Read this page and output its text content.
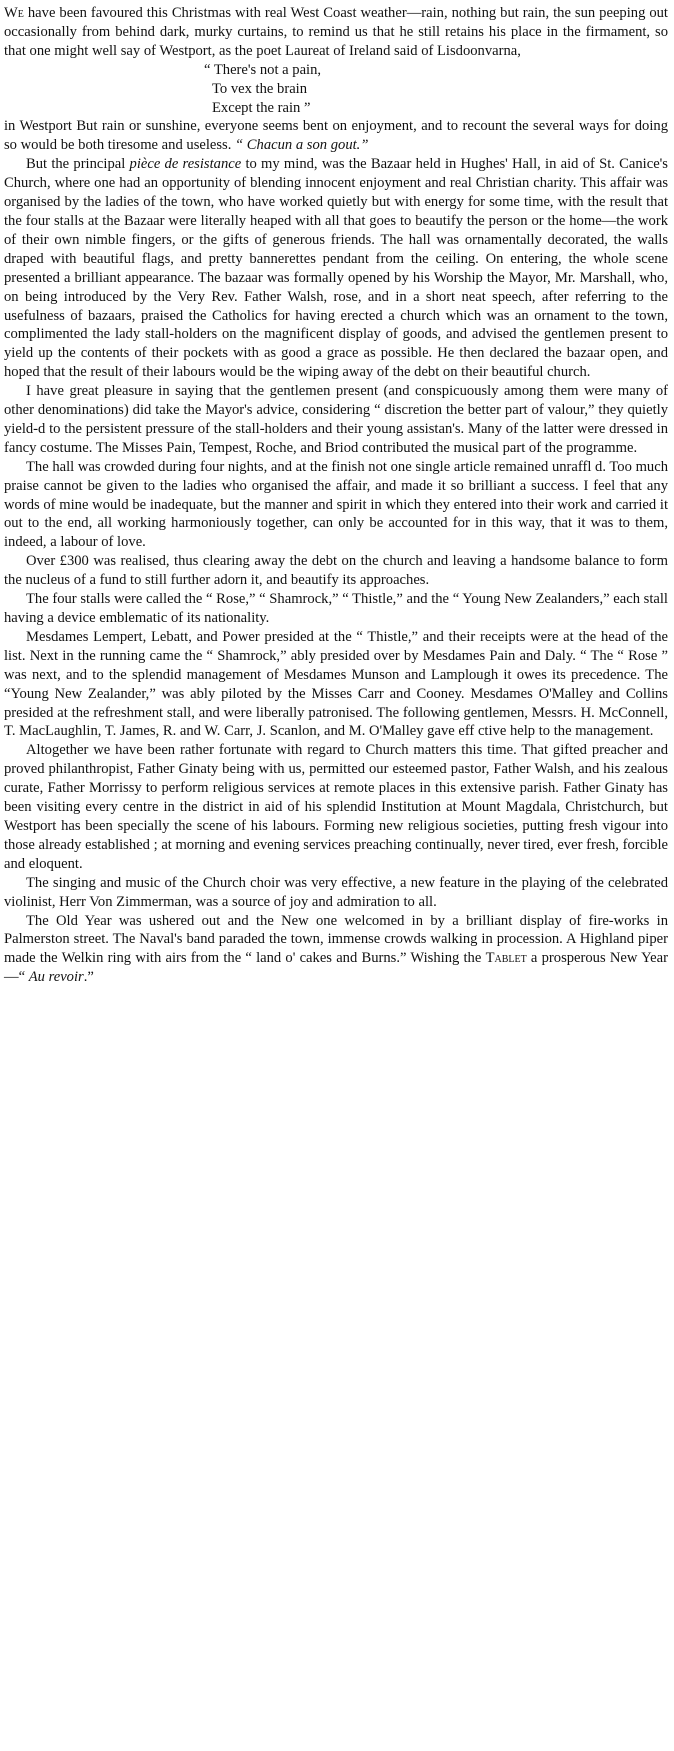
We have been favoured this Christmas with real West Coast weather—rain, nothing but rain, the sun peeping out occasionally from behind dark, murky curtains, to remind us that he still retains his place in the firmament, so that one might well say of Westport, as the poet Laureat of Ireland said of Lisdoonvarna,

“ There's not a pain,
To vex the brain
Except the rain ”

in Westport But rain or sunshine, everyone seems bent on enjoyment, and to recount the several ways for doing so would be both tiresome and useless. “ Chacun a son gout.”

But the principal pièce de resistance to my mind, was the Bazaar held in Hughes' Hall, in aid of St. Canice's Church, where one had an opportunity of blending innocent enjoyment and real Christian charity. This affair was organised by the ladies of the town, who have worked quietly but with energy for some time, with the result that the four stalls at the Bazaar were literally heaped with all that goes to beautify the person or the home—the work of their own nimble fingers, or the gifts of generous friends. The hall was ornamentally decorated, the walls draped with beautiful flags, and pretty bannerettes pendant from the ceiling. On entering, the whole scene presented a brilliant appearance. The bazaar was formally opened by his Worship the Mayor, Mr. Marshall, who, on being introduced by the Very Rev. Father Walsh, rose, and in a short neat speech, after referring to the usefulness of bazaars, praised the Catholics for having erected a church which was an ornament to the town, complimented the lady stall-holders on the magnificent display of goods, and advised the gentlemen present to yield up the contents of their pockets with as good a grace as possible. He then declared the bazaar open, and hoped that the result of their labours would be the wiping away of the debt on their beautiful church.

I have great pleasure in saying that the gentlemen present (and conspicuously among them were many of other denominations) did take the Mayor's advice, considering “ discretion the better part of valour,” they quietly yield-d to the persistent pressure of the stall-holders and their young assistan's. Many of the latter were dressed in fancy costume. The Misses Pain, Tempest, Roche, and Briod contributed the musical part of the programme.

The hall was crowded during four nights, and at the finish not one single article remained unraffl d. Too much praise cannot be given to the ladies who organised the affair, and made it so brilliant a success. I feel that any words of mine would be inadequate, but the manner and spirit in which they entered into their work and carried it out to the end, all working harmoniously together, can only be accounted for in this way, that it was to them, indeed, a labour of love.

Over £300 was realised, thus clearing away the debt on the church and leaving a handsome balance to form the nucleus of a fund to still further adorn it, and beautify its approaches.

The four stalls were called the “ Rose,” “ Shamrock,” “ Thistle,” and the “ Young New Zealanders,” each stall having a device emblematic of its nationality.

Mesdames Lempert, Lebatt, and Power presided at the “ Thistle,” and their receipts were at the head of the list. Next in the running came the “ Shamrock,” ably presided over by Mesdames Pain and Daly. “ The “ Rose ” was next, and to the splendid management of Mesdames Munson and Lamplough it owes its precedence. The “Young New Zealander,” was ably piloted by the Misses Carr and Cooney. Mesdames O'Malley and Collins presided at the refreshment stall, and were liberally patronised. The following gentlemen, Messrs. H. McConnell, T. MacLaughlin, T. James, R. and W. Carr, J. Scanlon, and M. O'Malley gave eff ctive help to the management.

Altogether we have been rather fortunate with regard to Church matters this time. That gifted preacher and proved philanthropist, Father Ginaty being with us, permitted our esteemed pastor, Father Walsh, and his zealous curate, Father Morrissy to perform religious services at remote places in this extensive parish. Father Ginaty has been visiting every centre in the district in aid of his splendid Institution at Mount Magdala, Christchurch, but Westport has been specially the scene of his labours. Forming new religious societies, putting fresh vigour into those already established ; at morning and evening services preaching continually, never tired, ever fresh, forcible and eloquent.

The singing and music of the Church choir was very effective, a new feature in the playing of the celebrated violinist, Herr Von Zimmerman, was a source of joy and admiration to all.

The Old Year was ushered out and the New one welcomed in by a brilliant display of fire-works in Palmerston street. The Naval's band paraded the town, immense crowds walking in procession. A Highland piper made the Welkin ring with airs from the “ land o' cakes and Burns.” Wishing the Tablet a prosperous New Year—“ Au revoir.”
